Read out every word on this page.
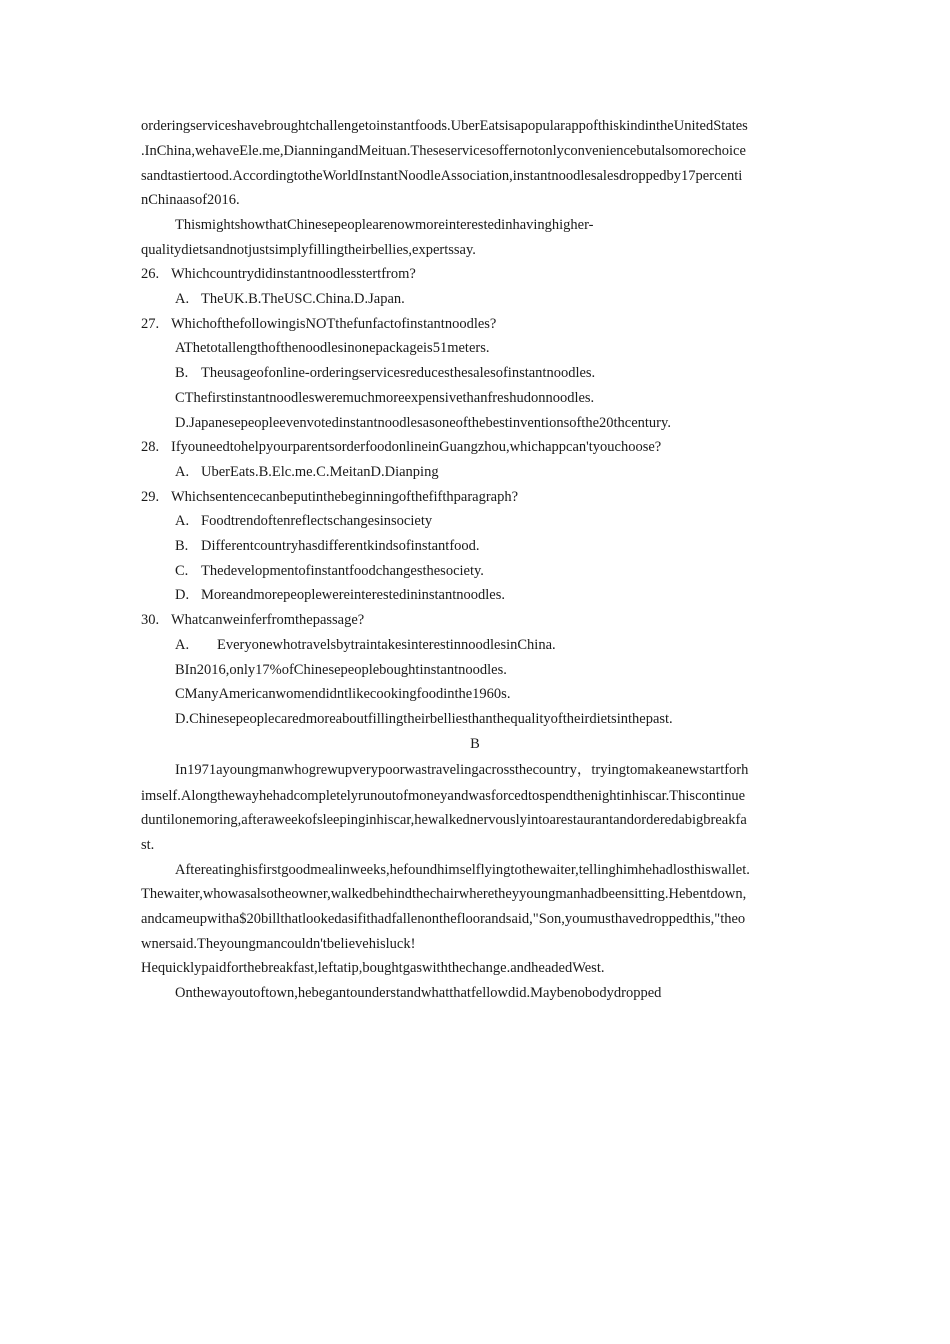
orderingserviceshavebroughtchallengetoinstantfoods.UberEatsisapopularappofthiskindintheUnitedStates
.InChina,wehaveEle.me,DianningandMeituan.Theseservicesoffernotonlyconveniencebutalsomorechoice
sandtastiertood.AccordingtotheWorldInstantNoodleAssociation,instantnoodlesalesdroppedby17percenti
nChinaasof2016.
ThismightshowthatChinesepeoplearenowmoreinterestedinhavinghigher-
qualitydietsandnotjustsimplyfillingtheirbellies,expertssay.
26. Whichcountrydidinstantnoodlesstertfrom?
A. TheUK.B.TheUSC.China.D.Japan.
27. WhichofthefollowingisNOTthefunfactofinstantnoodles?
AThetotallengthofthenoodlesinonepackageis51meters.
B. Theusageofonline-orderingservicesreducesthesalesofinstantnoodles.
CThefirstinstantnoodlesweremuchmoreexpensivethanfreshudonnoodles.
D.Japanesepeopleevenvotedinstantnoodlesasoneofthebestinventionsofthe20thcentury.
28. IfyouneedtohelpyourparentsorderfoodonlineinGuangzhou,whichappcan'tyouchoose?
A. UberEats.B.Elc.me.C.MeitanD.Dianping
29. Whichsentencecanbeputinthebeginningofthefifthparagraph?
A. Foodtrendoftenreflectschangesinsociety
B. Differentcountryhasdifferentkindsofinstantfood.
C. Thedevelopmentofinstantfoodchangesthesociety.
D. Moreandmorepeoplewereinterestedininstantnoodles.
30. Whatcanweinferfromthepassage?
A. EveryonewhotravelsbytraintakesinterestinnoodlesinChina.
BIn2016,only17%ofChinesepeopleboughtinstantnoodles.
CManyAmericanwomendidntlikecookingfoodinthe1960s.
D.Chinesepeoplecaredmoreaboutfillingtheirbelliesthanthequalityoftheirdietsinthepast.
B
In1971ayoungmanwhogrewupverypoorwastravelingacrossthecountry，tryingtomakeanewstartforh
imself.Alongthewayhehadcompletelyrunoutofmoneyandwasforcedtospendthenightinhiscar.Thiscontinue
duntilonemoring,afteraweekofsleepinginhiscar,hewalkednervouslyintoarestaurantandorderedabigbreakfa
st.
Aftereatinghisfirstgoodmealinweeks,hefoundhimselflyingtothewaiter,tellinghimhehadlosthiswallet.
Thewaiter,whowasalsotheowner,walkedbehindthechairwheretheyyoungmanhadbeensitting.Hebentdown,
andcameupwitha$20billthatlookedasifithadfallenonthefloorandsaid,"Son,youmusthavedroppedthis,"theo
wnersaid.Theyoungmancouldn'tbelievehisluck!
Hequicklypaidforthebreakfast,leftatip,boughtgaswiththechange.andheadedWest.
Onthewayoutoftown,hebegantounderstandwhatthatfellowdid.Maybenobodydropped
